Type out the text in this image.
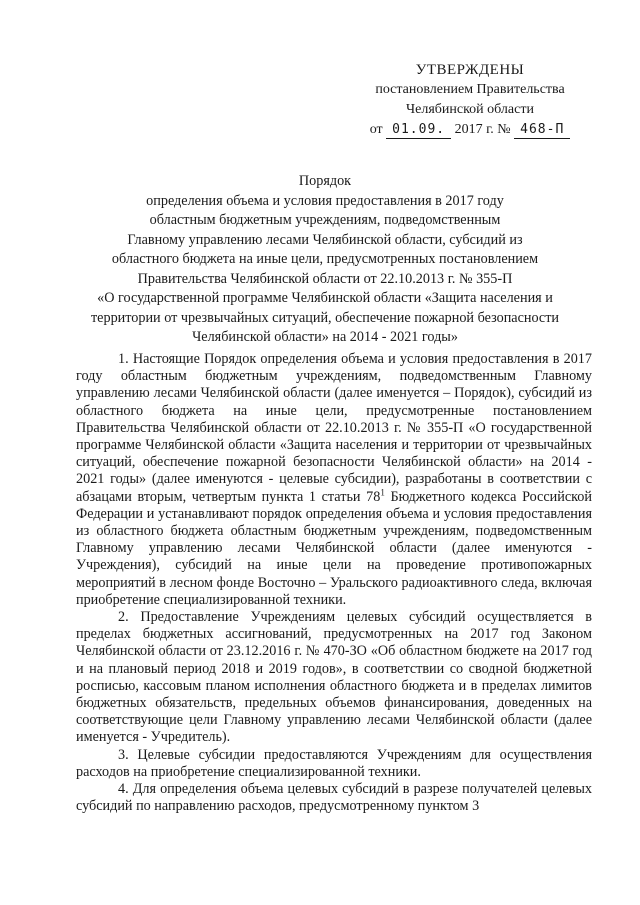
УТВЕРЖДЕНЫ
постановлением Правительства
Челябинской области
от 01.09. 2017 г. № 468-П
Порядок
определения объема и условия предоставления в 2017 году
областным бюджетным учреждениям, подведомственным
Главному управлению лесами Челябинской области, субсидий из
областного бюджета на иные цели, предусмотренных постановлением
Правительства Челябинской области от 22.10.2013 г. № 355-П
«О государственной программе Челябинской области «Защита населения и
территории от чрезвычайных ситуаций, обеспечение пожарной безопасности
Челябинской области» на 2014 - 2021 годы»

1. Настоящие Порядок определения объема и условия предоставления в 2017 году областным бюджетным учреждениям, подведомственным Главному управлению лесами Челябинской области (далее именуется – Порядок), субсидий из областного бюджета на иные цели, предусмотренные постановлением Правительства Челябинской области от 22.10.2013 г. № 355-П «О государственной программе Челябинской области «Защита населения и территории от чрезвычайных ситуаций, обеспечение пожарной безопасности Челябинской области» на 2014 - 2021 годы» (далее именуются - целевые субсидии), разработаны в соответствии с абзацами вторым, четвертым пункта 1 статьи $78^1$ Бюджетного кодекса Российской Федерации и устанавливают порядок определения объема и условия предоставления из областного бюджета областным бюджетным учреждениям, подведомственным Главному управлению лесами Челябинской области (далее именуются - Учреждения), субсидий на иные цели на проведение противопожарных мероприятий в лесном фонде Восточно – Уральского радиоактивного следа, включая приобретение специализированной техники.

2. Предоставление Учреждениям целевых субсидий осуществляется в пределах бюджетных ассигнований, предусмотренных на 2017 год Законом Челябинской области от 23.12.2016 г. № 470-ЗО «Об областном бюджете на 2017 год и на плановый период 2018 и 2019 годов», в соответствии со сводной бюджетной росписью, кассовым планом исполнения областного бюджета и в пределах лимитов бюджетных обязательств, предельных объемов финансирования, доведенных на соответствующие цели Главному управлению лесами Челябинской области (далее именуется - Учредитель).

3. Целевые субсидии предоставляются Учреждениям для осуществления расходов на приобретение специализированной техники.

4. Для определения объема целевых субсидий в разрезе получателей целевых субсидий по направлению расходов, предусмотренному пунктом 3
